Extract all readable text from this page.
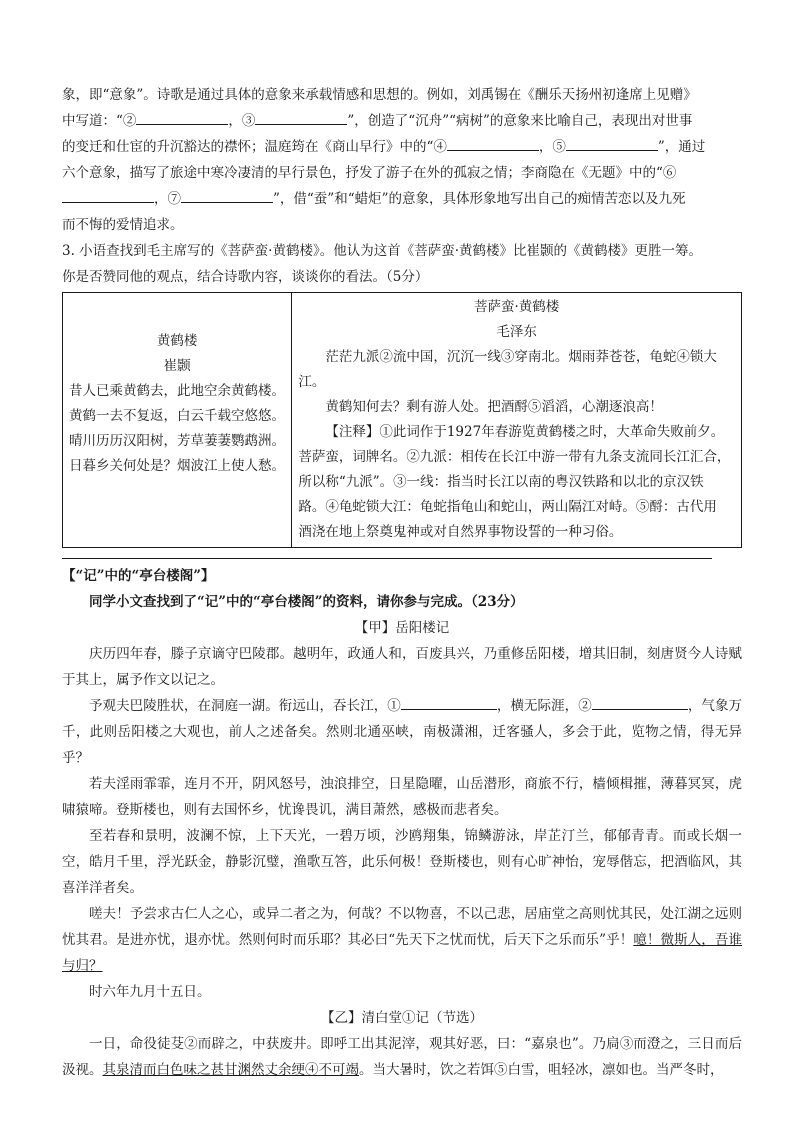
象，即“意象”。诗歌是通过具体的意象来承载情感和思想的。例如，刘禹锡在《酬乐天扬州初逢席上见赠》

中写道：“②	，③	”，创造了“沉舟”“病树”的意象来比喻自己，表现出对世事

的变迁和仕宦的升沉豁达的襟怀；温庭筠在《商山早行》中的“④	，⑤	”，通过

六个意象，描写了旅途中寒冷凄清的早行景色，抒发了游子在外的孤寂之情；李商隐在《无题》中的“⑥

，⑦	”，借“蚕”和“蜡炬”的意象，具体形象地写出自己的痴情苦恋以及九死

而不悔的爱情追求。

3. 小语查找到毛主席写的《菩萨蛮·黄鹤楼》。他认为这首《菩萨蛮·黄鹤楼》比崔颢的《黄鹤楼》更胜一筹。

你是否赞同他的观点，结合诗歌内容，谈谈你的看法。（5分）

黄鹤楼

崔颢

昔人已乘黄鹤去，此地空余黄鹤楼。

黄鹤一去不复返，白云千载空悠悠。

晴川历历汉阳树，芳草萋萋鹦鹉洲。

日暮乡关何处是？烟波江上使人愁。

菩萨蛮·黄鹤楼

毛泽东

茫茫九派②流中国，沉沉一线③穿南北。烟雨莽苍苍，龟蛇④锁大江。

黄鹤知何去？剩有游人处。把酒酹⑤滔滔，心潮逐浪高！

【注释】①此词作于1927年春游览黄鹤楼之时，大革命失败前夕。

菩萨蛮，词牌名。②九派：相传在长江中游一带有九条支流同长江汇合，

所以称“九派”。③一线：指当时长江以南的粤汉铁路和以北的京汉铁

路。④龟蛇锁大江：龟蛇指龟山和蛇山，两山隔江对峙。⑤酹：古代用

酒浇在地上祭奠鬼神或对自然界事物设誓的一种习俗。

【“记”中的“亭台楼阁”】

同学小文查找到了“记”中的“亭台楼阁”的资料，请你参与完成。（23分）

【甲】岳阳楼记

庆历四年春，滕子京谪守巴陵郡。越明年，政通人和，百废具兴，乃重修岳阳楼，增其旧制，刻唐贤今人诗赋于其上，属予作文以记之。

予观夫巴陵胜状，在洞庭一湖。衔远山，吞长江，①	，横无际涯，②	，气象万千，此则岳阳楼之大观也，前人之述备矣。然则北通巫峡，南极潇湘，迁客骚人，多会于此，览物之情，得无异乎？

若夫淫雨霏霏，连月不开，阴风怒号，浊浪排空，日星隐曜，山岳潜形，商旅不行，樯倾楫摧，薄暮冥冥，虎啸猿啼。登斯楼也，则有去国怀乡，忧谗畏讥，满目萧然，感极而悲者矣。

至若春和景明，波澜不惊，上下天光，一碧万顷，沙鸥翔集，锦鳞游泳，岸芷汀兰，郁郁青青。而或长烟一空，皓月千里，浮光跃金，静影沉璧，渔歌互答，此乐何极！登斯楼也，则有心旷神怡，宠辱偕忘，把酒临风，其喜洋洋者矣。

嗟夫！予尝求古仁人之心，或异二者之为，何哉？不以物喜，不以己悲，居庙堂之高则忧其民，处江湖之远则忧其君。是进亦忧，退亦忧。然则何时而乐耶？其必曰“先天下之忧而忧，后天下之乐而乐”乎！噫！微斯人，吾谁与归？

时六年九月十五日。

【乙】清白堂①记（节选）

一日，命役徒芟②而辟之，中获废井。即呼工出其泥滓，观其好恶，曰：“嘉泉也”。乃扃③而澄之，三日而后汲视。其泉清而白色味之甚甘渊然丈余绠④不可竭。当大暑时，饮之若饵⑤白雪，咀轻冰，凛如也。当严冬时，
